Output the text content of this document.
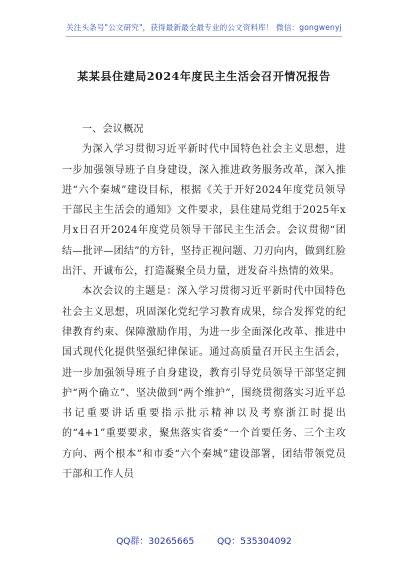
关注头条号"公文研究"，获得最新最全最专业的公文资料库！ 微信：gongwenyj
某某县住建局2024年度民主生活会召开情况报告

一、会议概况

为深入学习贯彻习近平新时代中国特色社会主义思想，进一步加强领导班子自身建设，深入推进政务服务改革，深入推进“六个秦城”建设目标，根据《关于开好2024年度党员领导干部民主生活会的通知》文件要求，县住建局党组于2025年x月x日召开2024年度党员领导干部民主生活会。会议贯彻“团结—批评—团结”的方针，坚持正视问题、刀刃向内，做到红脸出汗、开诚布公，打造凝聚全员力量，迸发奋斗热情的效果。

本次会议的主题是：深入学习贯彻习近平新时代中国特色社会主义思想，巩固深化党纪学习教育成果，综合发挥党的纪律教育约束、保障激励作用，为进一步全面深化改革、推进中国式现代化提供坚强纪律保证。通过高质量召开民主生活会，进一步加强领导班子自身建设，教育引导党员领导干部坚定拥护“两个确立”、坚决做到“两个维护”，围绕贯彻落实习近平总书记重要讲话重要指示批示精神以及考察浙江时提出的“4+1”重要要求，聚焦落实省委“一个首要任务、三个主攻方向、两个根本”和市委“六个秦城”建设部署，团结带领党员干部和工作人员

QQ群：30265665	QQ：535304092
